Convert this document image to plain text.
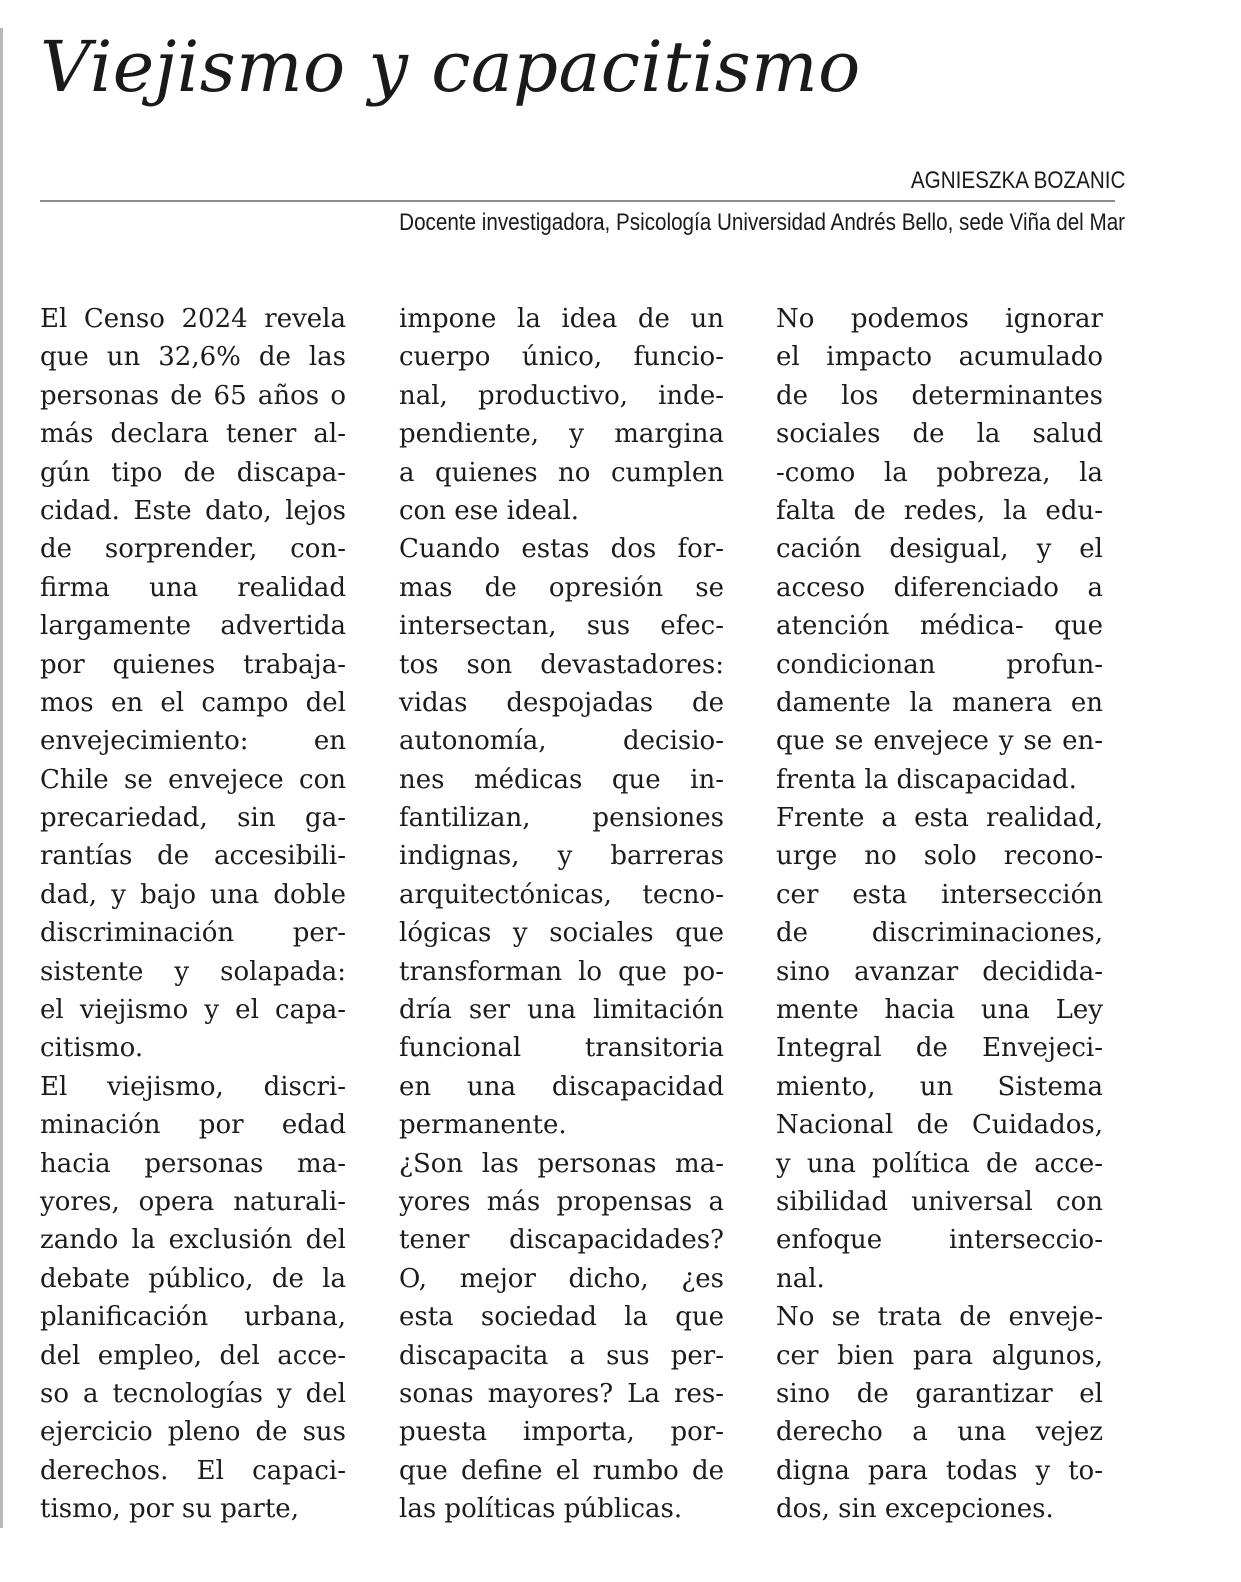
Viejismo y capacitismo
AGNIESZKA BOZANIC
Docente investigadora, Psicología Universidad Andrés Bello, sede Viña del Mar
El Censo 2024 revela
que un 32,6% de las
personas de 65 años o
más declara tener al-
gún tipo de discapa-
cidad. Este dato, lejos
de sorprender, con-
firma una realidad
largamente advertida
por quienes trabaja-
mos en el campo del
envejecimiento: en
Chile se envejece con
precariedad, sin ga-
rantías de accesibili-
dad, y bajo una doble
discriminación per-
sistente y solapada:
el viejismo y el capa-
citismo.
El viejismo, discri-
minación por edad
hacia personas ma-
yores, opera naturali-
zando la exclusión del
debate público, de la
planificación urbana,
del empleo, del acce-
so a tecnologías y del
ejercicio pleno de sus
derechos. El capaci-
tismo, por su parte,
impone la idea de un
cuerpo único, funcio-
nal, productivo, inde-
pendiente, y margina
a quienes no cumplen
con ese ideal.
Cuando estas dos for-
mas de opresión se
intersectan, sus efec-
tos son devastadores:
vidas despojadas de
autonomía, decisio-
nes médicas que in-
fantilizan, pensiones
indignas, y barreras
arquitectónicas, tecno-
lógicas y sociales que
transforman lo que po-
dría ser una limitación
funcional transitoria
en una discapacidad
permanente.
¿Son las personas ma-
yores más propensas a
tener discapacidades?
O, mejor dicho, ¿es
esta sociedad la que
discapacita a sus per-
sonas mayores? La res-
puesta importa, por-
que define el rumbo de
las políticas públicas.
No podemos ignorar
el impacto acumulado
de los determinantes
sociales de la salud
-como la pobreza, la
falta de redes, la edu-
cación desigual, y el
acceso diferenciado a
atención médica- que
condicionan profun-
damente la manera en
que se envejece y se en-
frenta la discapacidad.
Frente a esta realidad,
urge no solo recono-
cer esta intersección
de discriminaciones,
sino avanzar decidida-
mente hacia una Ley
Integral de Envejeci-
miento, un Sistema
Nacional de Cuidados,
y una política de acce-
sibilidad universal con
enfoque interseccio-
nal.
No se trata de enveje-
cer bien para algunos,
sino de garantizar el
derecho a una vejez
digna para todas y to-
dos, sin excepciones.
